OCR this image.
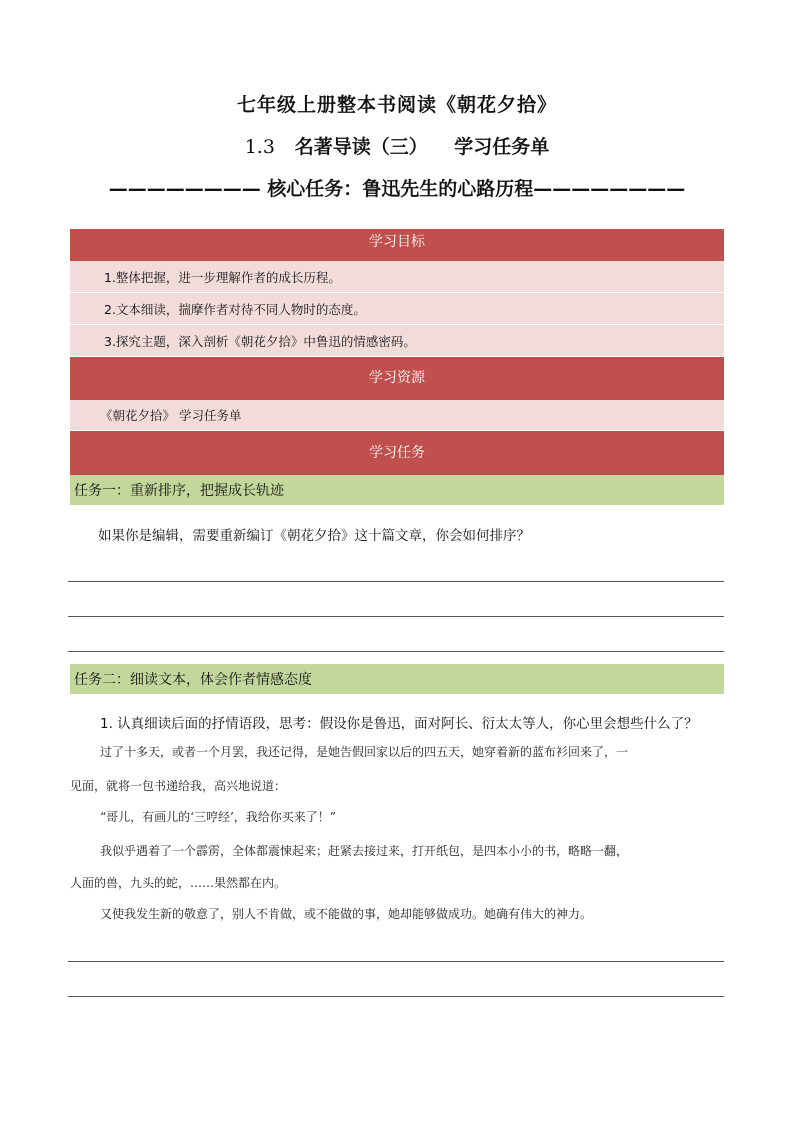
七年级上册整本书阅读《朝花夕拾》
1.3 名著导读（三） 学习任务单
———————— 核心任务：鲁迅先生的心路历程————————
学习目标
1.整体把握，进一步理解作者的成长历程。
2.文本细读，揣摩作者对待不同人物时的态度。
3.探究主题，深入剖析《朝花夕拾》中鲁迅的情感密码。
学习资源
《朝花夕拾》 学习任务单
学习任务
任务一：重新排序，把握成长轨迹
如果你是编辑，需要重新编订《朝花夕拾》这十篇文章，你会如何排序？
任务二：细读文本，体会作者情感态度
1. 认真细读后面的抒情语段，思考：假设你是鲁迅，面对阿长、衍太太等人，你心里会想些什么了？
过了十多天，或者一个月罢，我还记得，是她告假回家以后的四五天，她穿着新的蓝布衫回来了，一
见面，就将一包书递给我，高兴地说道：
“哥儿，有画儿的‘三哼经’，我给你买来了！”
我似乎遇着了一个霹雳，全体都震悚起来；赶紧去接过来，打开纸包，是四本小小的书，略略一翻，
人面的兽，九头的蛇，……果然都在内。
又使我发生新的敬意了，别人不肯做，或不能做的事，她却能够做成功。她确有伟大的神力。
